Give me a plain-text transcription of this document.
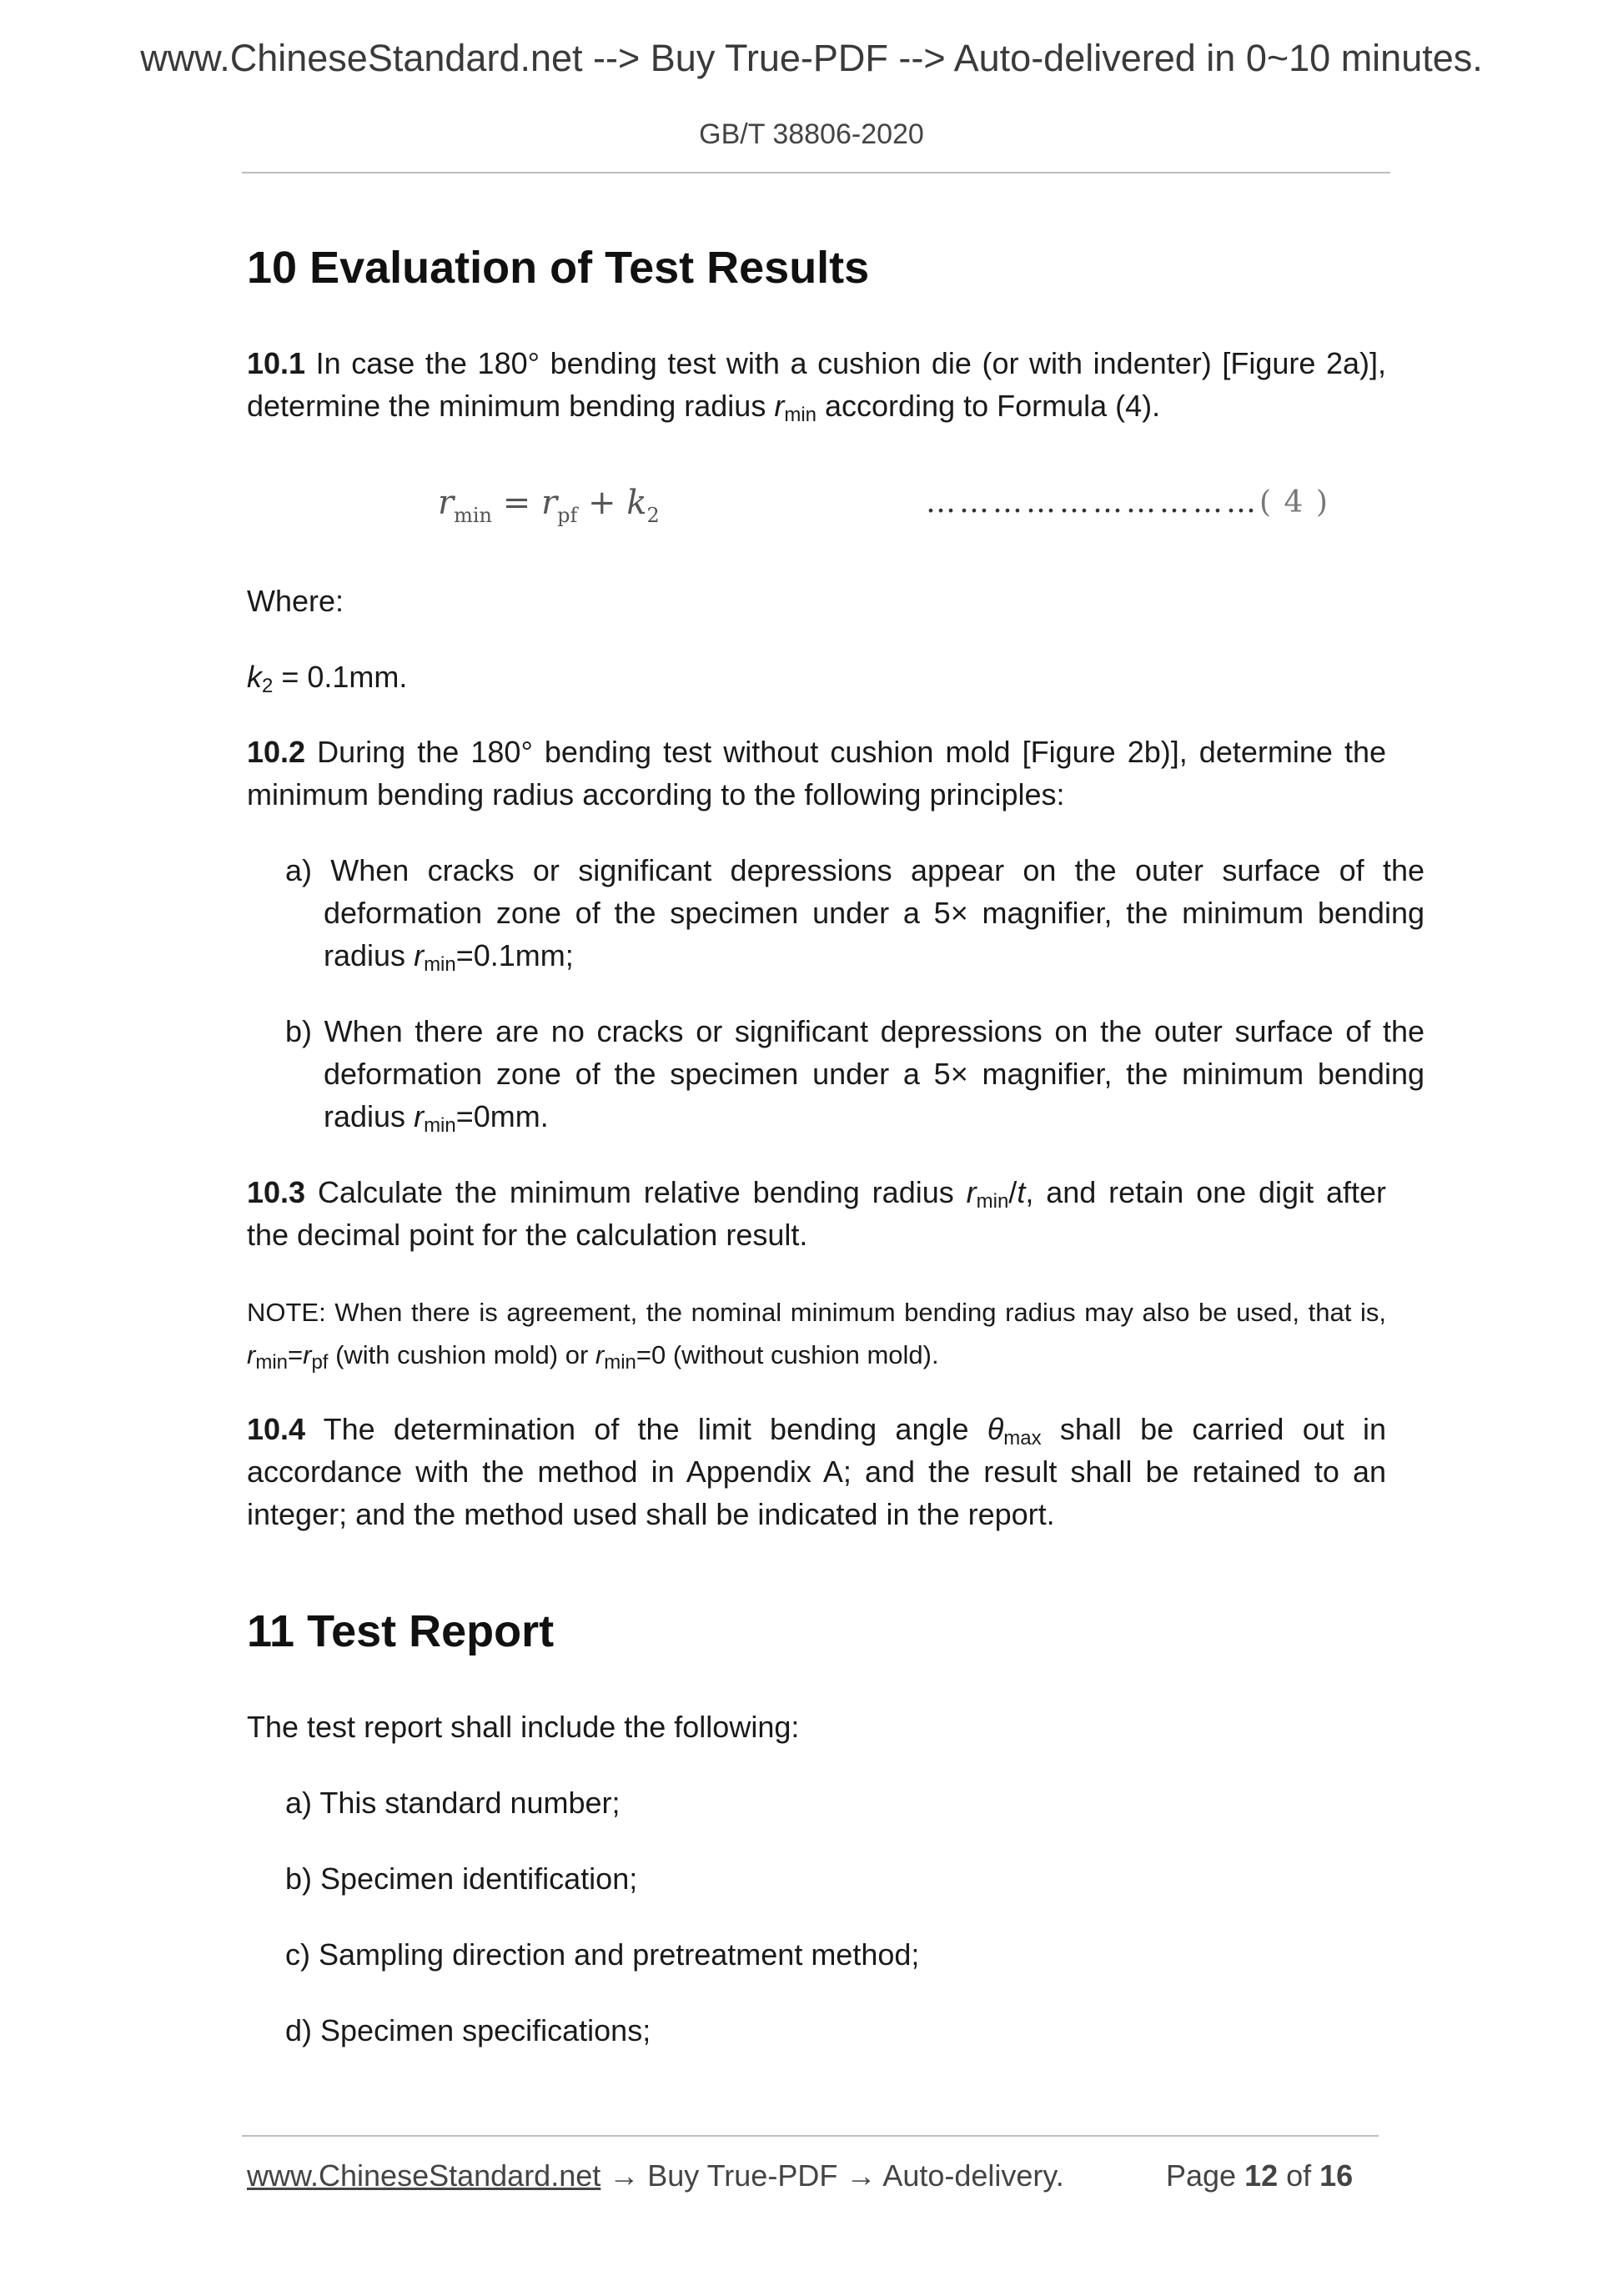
www.ChineseStandard.net --> Buy True-PDF --> Auto-delivered in 0~10 minutes.
GB/T 38806-2020
10 Evaluation of Test Results
10.1 In case the 180° bending test with a cushion die (or with indenter) [Figure 2a)], determine the minimum bending radius $r_{min}$ according to Formula (4).
$r_{min} = r_{pf} + k_2$	…………………………( 4 )
Where:
$k_2 = 0.1mm$.
10.2 During the 180° bending test without cushion mold [Figure 2b)], determine the minimum bending radius according to the following principles:
a) When cracks or significant depressions appear on the outer surface of the deformation zone of the specimen under a 5× magnifier, the minimum bending radius $r_{min}=0.1mm$;
b) When there are no cracks or significant depressions on the outer surface of the deformation zone of the specimen under a 5× magnifier, the minimum bending radius $r_{min}=0mm$.
10.3 Calculate the minimum relative bending radius $r_{min}/t$, and retain one digit after the decimal point for the calculation result.
NOTE: When there is agreement, the nominal minimum bending radius may also be used, that is, $r_{min}=r_{pf}$ (with cushion mold) or $r_{min}=0$ (without cushion mold).
10.4 The determination of the limit bending angle $\theta_{max}$ shall be carried out in accordance with the method in Appendix A; and the result shall be retained to an integer; and the method used shall be indicated in the report.
11 Test Report
The test report shall include the following:
a) This standard number;
b) Specimen identification;
c) Sampling direction and pretreatment method;
d) Specimen specifications;
www.ChineseStandard.net → Buy True-PDF → Auto-delivery.	Page 12 of 16
